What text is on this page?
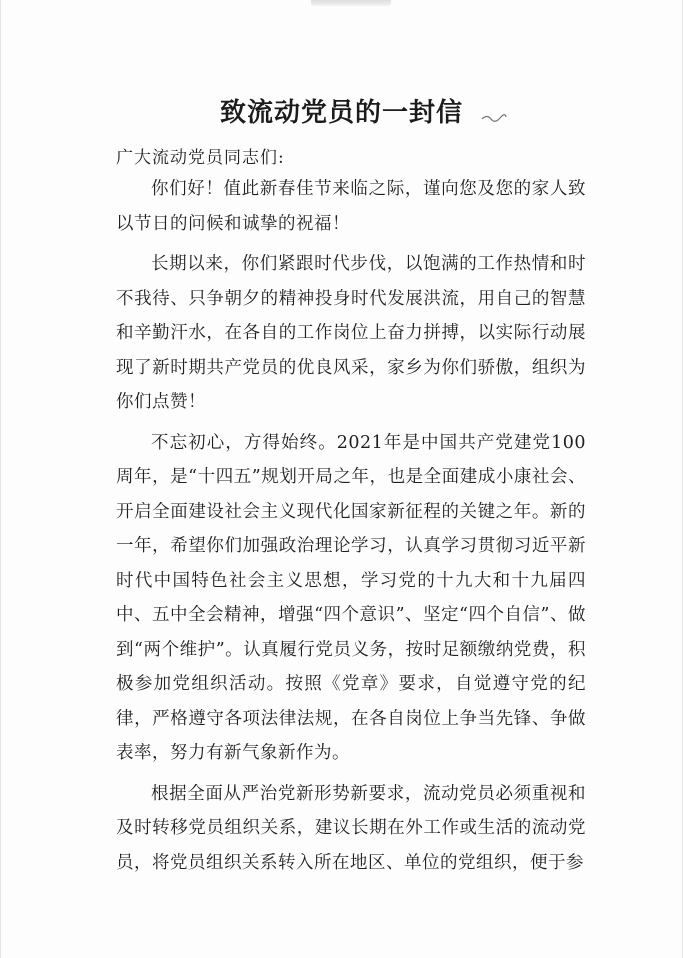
致流动党员的一封信
广大流动党员同志们:

你们好！值此新春佳节来临之际，谨向您及您的家人致以节日的问候和诚挚的祝福！

长期以来，你们紧跟时代步伐，以饱满的工作热情和时不我待、只争朝夕的精神投身时代发展洪流，用自己的智慧和辛勤汗水，在各自的工作岗位上奋力拼搏，以实际行动展现了新时期共产党员的优良风采，家乡为你们骄傲，组织为你们点赞！

不忘初心，方得始终。2021年是中国共产党建党100周年，是“十四五”规划开局之年，也是全面建成小康社会、开启全面建设社会主义现代化国家新征程的关键之年。新的一年，希望你们加强政治理论学习，认真学习贯彻习近平新时代中国特色社会主义思想，学习党的十九大和十九届四中、五中全会精神，增强“四个意识”、坚定“四个自信”、做到“两个维护”。认真履行党员义务，按时足额缴纳党费，积极参加党组织活动。按照《党章》要求，自觉遵守党的纪律，严格遵守各项法律法规，在各自岗位上争当先锋、争做表率，努力有新气象新作为。

根据全面从严治党新形势新要求，流动党员必须重视和及时转移党员组织关系，建议长期在外工作或生活的流动党员，将党员组织关系转入所在地区、单位的党组织，便于参
